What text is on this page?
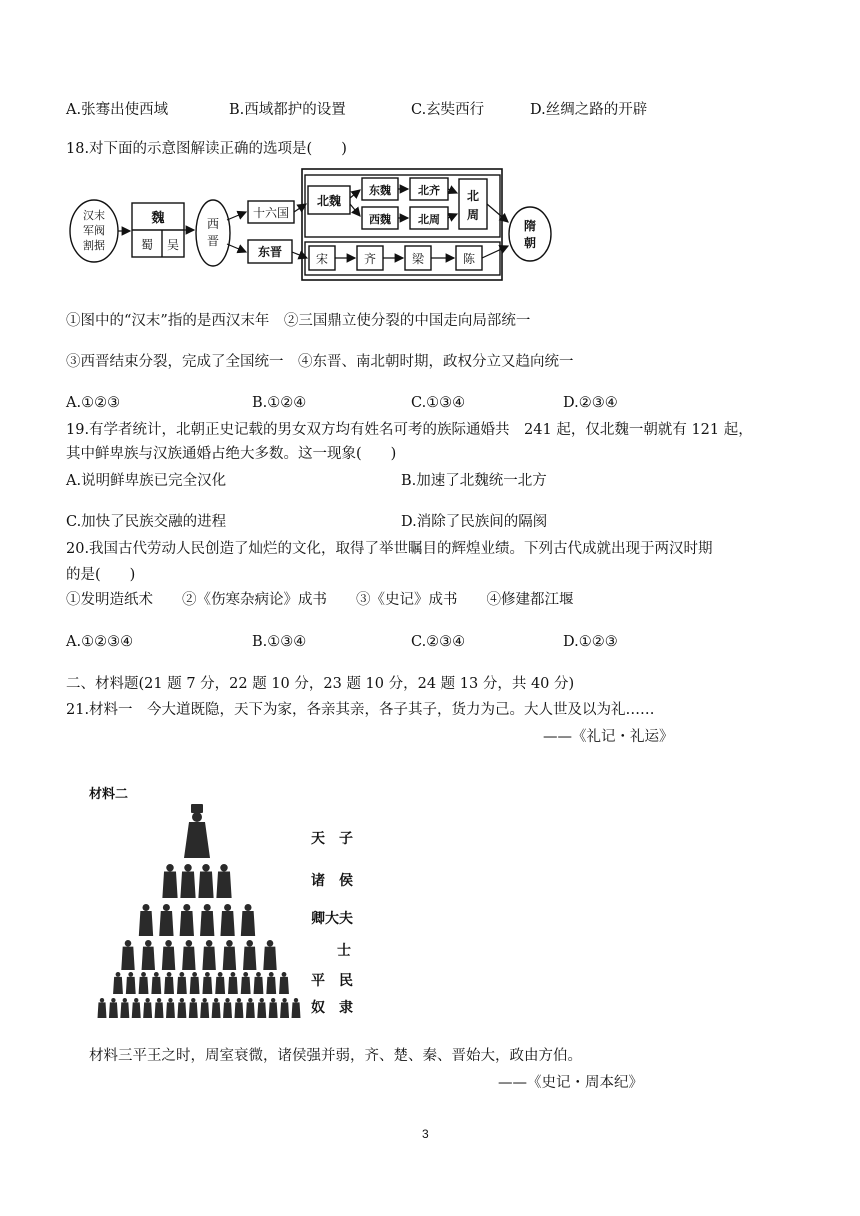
A.张骞出使西域	B.西域都护的设置	C.玄奘西行	D.丝绸之路的开辟
18.对下面的示意图解读正确的选项是(　　)
汉末
军阀
割据
魏
蜀 吴
西
晋
十六国
东晋
北魏
东魏 北齐
西魏 北周
北
周
宋	齐	梁	陈
隋
朝
①图中的“汉末”指的是西汉末年　②三国鼎立使分裂的中国走向局部统一
③西晋结束分裂，完成了全国统一　④东晋、南北朝时期，政权分立又趋向统一
A.①②③	B.①②④	C.①③④	D.②③④
19.有学者统计，北朝正史记载的男女双方均有姓名可考的族际通婚共　241 起，仅北魏一朝就有 121 起，
其中鲜卑族与汉族通婚占绝大多数。这一现象(　　)
A.说明鲜卑族已完全汉化	B.加速了北魏统一北方
C.加快了民族交融的进程	D.消除了民族间的隔阂
20.我国古代劳动人民创造了灿烂的文化，取得了举世瞩目的辉煌业绩。下列古代成就出现于两汉时期
的是(　　)
①发明造纸术　　②《伤寒杂病论》成书　　③《史记》成书　　④修建都江堰
A.①②③④	B.①③④	C.②③④	D.①②③
二、材料题(21 题 7 分，22 题 10 分，23 题 10 分，24 题 13 分，共 40 分)
21.材料一　今大道既隐，天下为家，各亲其亲，各子其子，货力为己。大人世及以为礼……
——《礼记・礼运》
材料二
天　子
诸　侯
卿大夫
士
平　民
奴　隶
材料三平王之时，周室衰微，诸侯强并弱，齐、楚、秦、晋始大，政由方伯。
——《史记・周本纪》
3
